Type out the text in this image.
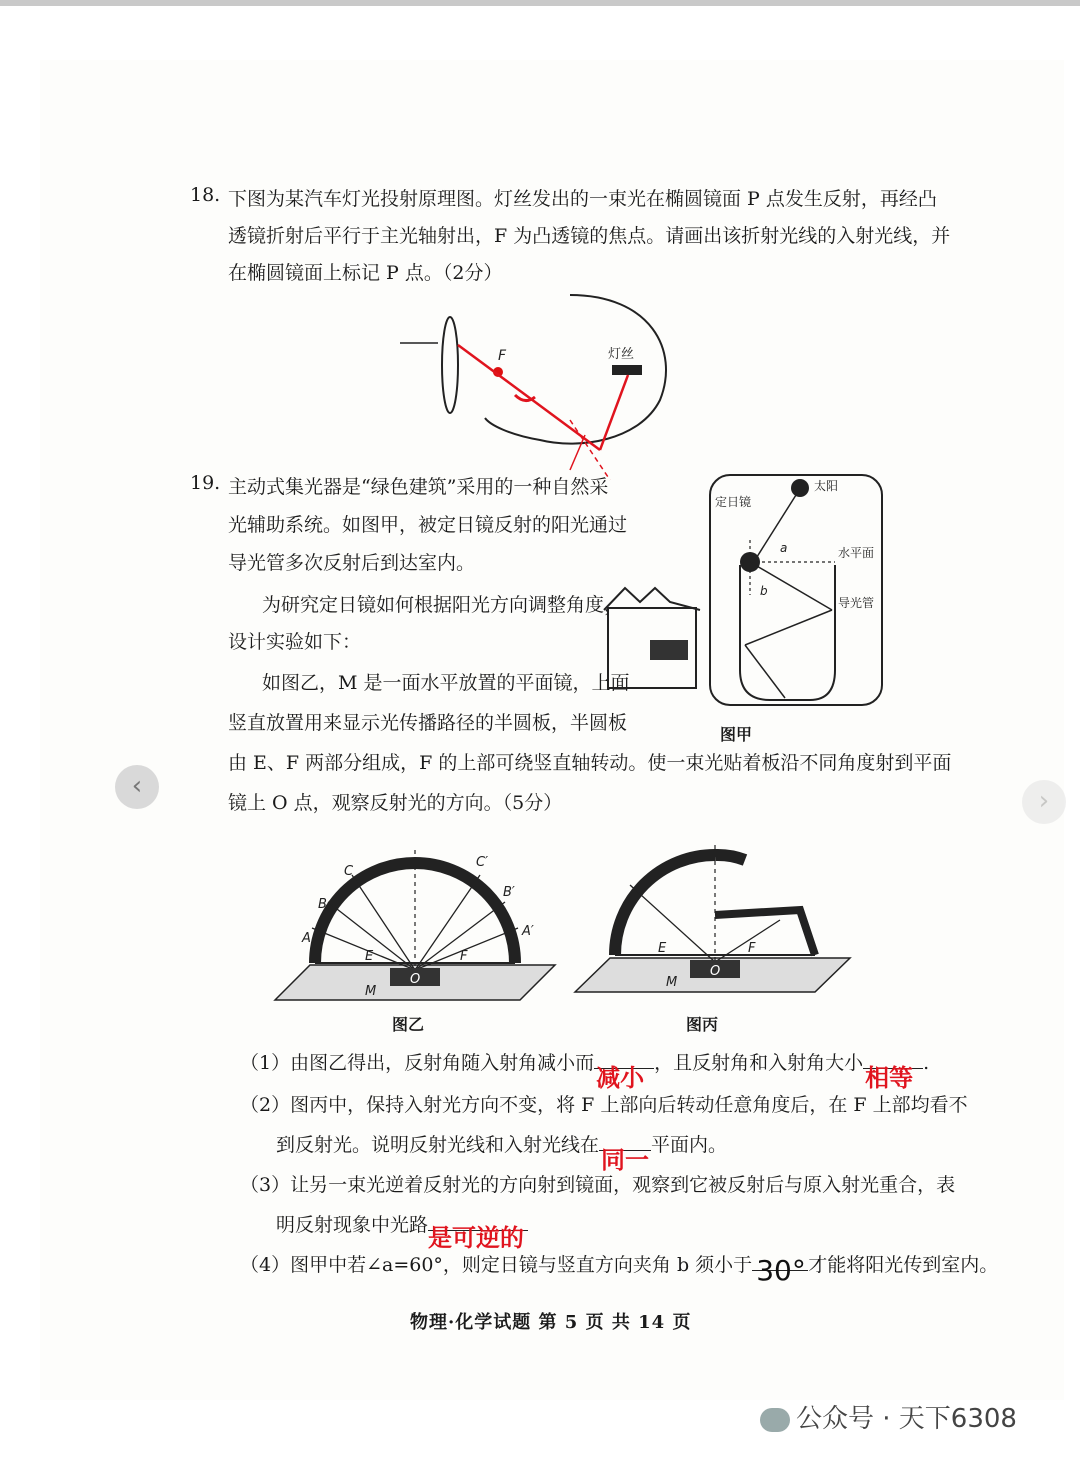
18. 下图为某汽车灯光投射原理图。灯丝发出的一束光在椭圆镜面 P 点发生反射，再经凸
透镜折射后平行于主光轴射出，F 为凸透镜的焦点。请画出该折射光线的入射光线，并
在椭圆镜面上标记 P 点。（2分）
灯丝
F
19. 主动式集光器是“绿色建筑”采用的一种自然采
光辅助系统。如图甲，被定日镜反射的阳光通过
导光管多次反射后到达室内。
为研究定日镜如何根据阳光方向调整角度，
设计实验如下：
如图乙，M 是一面水平放置的平面镜，上面
竖直放置用来显示光传播路径的半圆板，半圆板
由 E、F 两部分组成，F 的上部可绕竖直轴转动。使一束光贴着板沿不同角度射到平面
镜上 O 点，观察反射光的方向。（5分）
太阳
定日镜
a
b
水平面
导光管
图甲
A
B
C
C′
B′
A′
E	F
O
M
图乙
E	F
O
M
图丙
（1）由图乙得出，反射角随入射角减小而
减小
，且反射角和入射角大小
相等
.
（2）图丙中，保持入射光方向不变，将 F 上部向后转动任意角度后，在 F 上部均看不
到反射光。说明反射光线和入射光线在
同一
平面内。
（3）让另一束光逆着反射光的方向射到镜面，观察到它被反射后与原入射光重合，表
明反射现象中光路 是可逆的
（4）图甲中若∠a=60°，则定日镜与竖直方向夹角 b 须小于 30° 才能将阳光传到室内。
物理·化学试题 第 5 页 共 14 页
‹	›
公众号 · 天下6308
